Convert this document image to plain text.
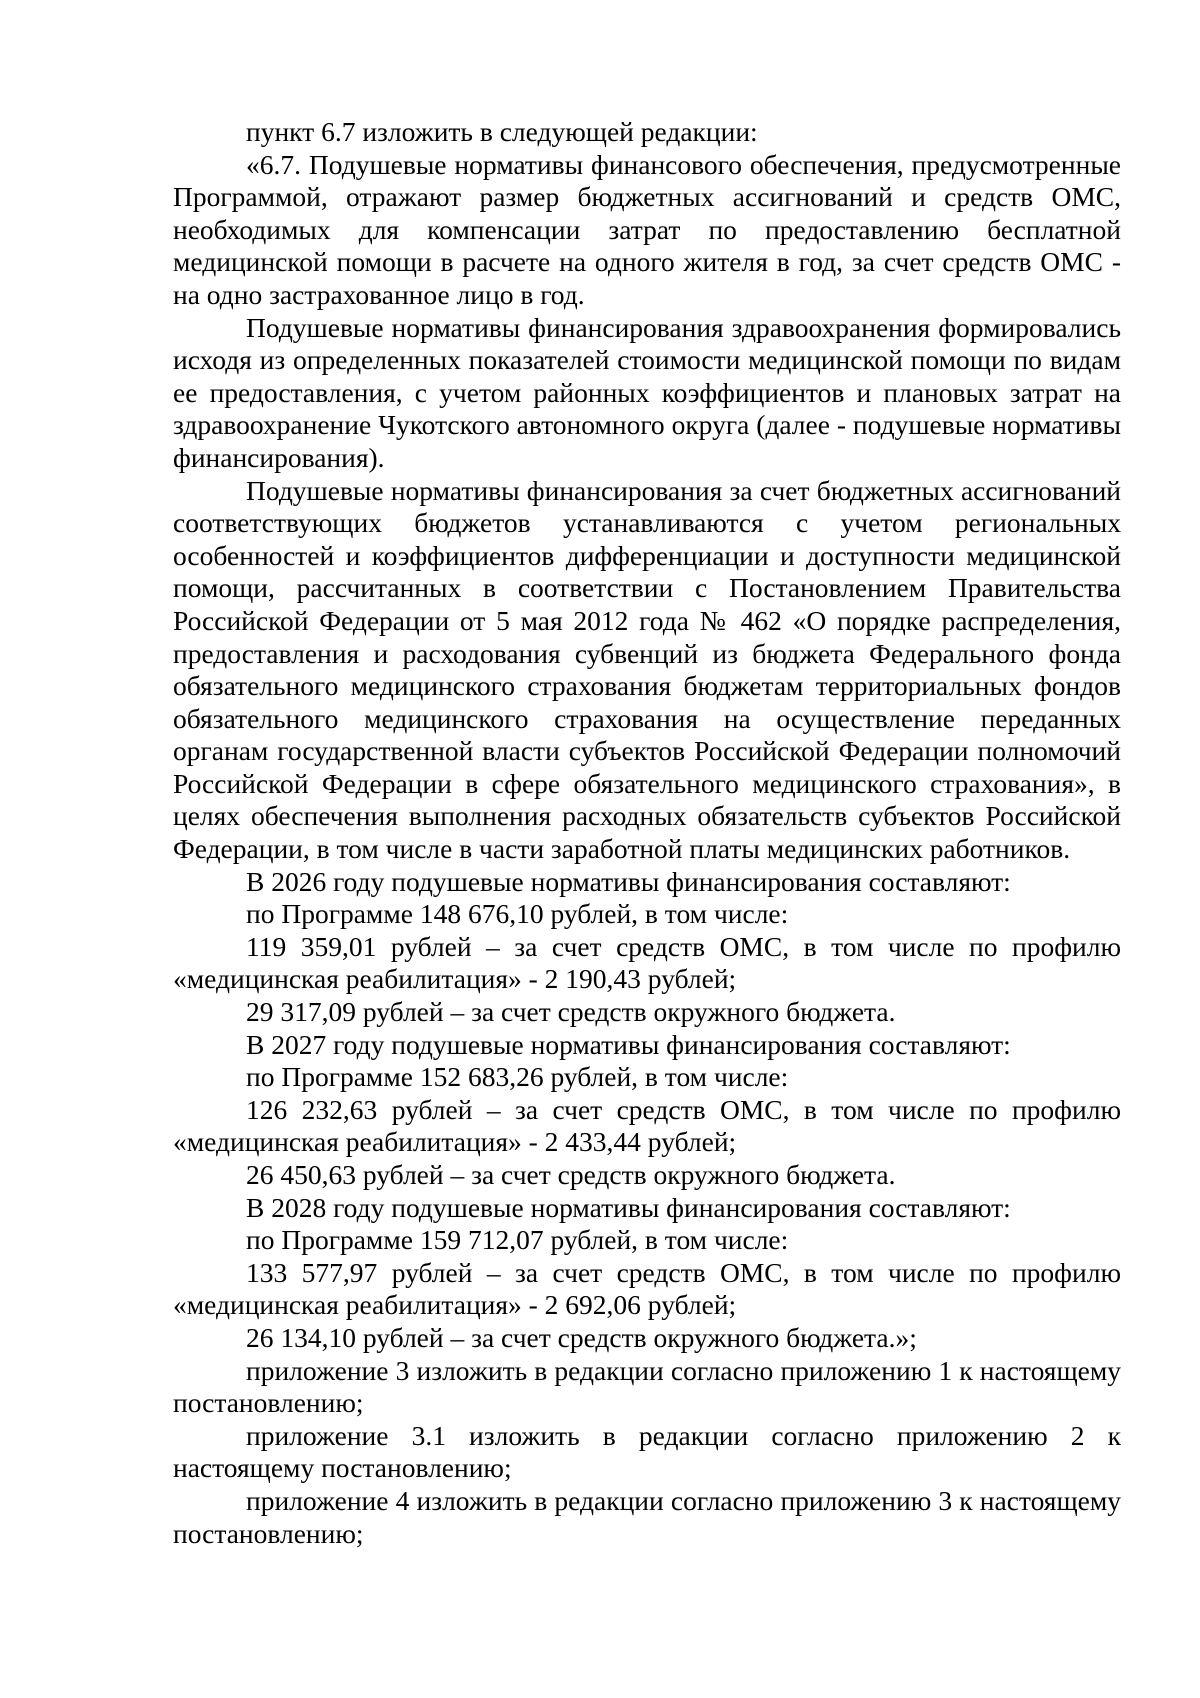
пункт 6.7 изложить в следующей редакции:

«6.7. Подушевые нормативы финансового обеспечения, предусмотренные Программой, отражают размер бюджетных ассигнований и средств ОМС, необходимых для компенсации затрат по предоставлению бесплатной медицинской помощи в расчете на одного жителя в год, за счет средств ОМС - на одно застрахованное лицо в год.

Подушевые нормативы финансирования здравоохранения формировались исходя из определенных показателей стоимости медицинской помощи по видам ее предоставления, с учетом районных коэффициентов и плановых затрат на здравоохранение Чукотского автономного округа (далее - подушевые нормативы финансирования).

Подушевые нормативы финансирования за счет бюджетных ассигнований соответствующих бюджетов устанавливаются с учетом региональных особенностей и коэффициентов дифференциации и доступности медицинской помощи, рассчитанных в соответствии с Постановлением Правительства Российской Федерации от 5 мая 2012 года № 462 «О порядке распределения, предоставления и расходования субвенций из бюджета Федерального фонда обязательного медицинского страхования бюджетам территориальных фондов обязательного медицинского страхования на осуществление переданных органам государственной власти субъектов Российской Федерации полномочий Российской Федерации в сфере обязательного медицинского страхования», в целях обеспечения выполнения расходных обязательств субъектов Российской Федерации, в том числе в части заработной платы медицинских работников.

В 2026 году подушевые нормативы финансирования составляют:

по Программе 148 676,10 рублей, в том числе:

119 359,01 рублей – за счет средств ОМС, в том числе по профилю «медицинская реабилитация» - 2 190,43 рублей;

29 317,09 рублей – за счет средств окружного бюджета.

В 2027 году подушевые нормативы финансирования составляют:

по Программе 152 683,26 рублей, в том числе:

126 232,63 рублей – за счет средств ОМС, в том числе по профилю «медицинская реабилитация» - 2 433,44 рублей;

26 450,63 рублей – за счет средств окружного бюджета.

В 2028 году подушевые нормативы финансирования составляют:

по Программе 159 712,07 рублей, в том числе:

133 577,97 рублей – за счет средств ОМС, в том числе по профилю «медицинская реабилитация» - 2 692,06 рублей;

26 134,10 рублей – за счет средств окружного бюджета.»;

приложение 3 изложить в редакции согласно приложению 1 к настоящему постановлению;

приложение 3.1 изложить в редакции согласно приложению 2 к настоящему постановлению;

приложение 4 изложить в редакции согласно приложению 3 к настоящему постановлению;
